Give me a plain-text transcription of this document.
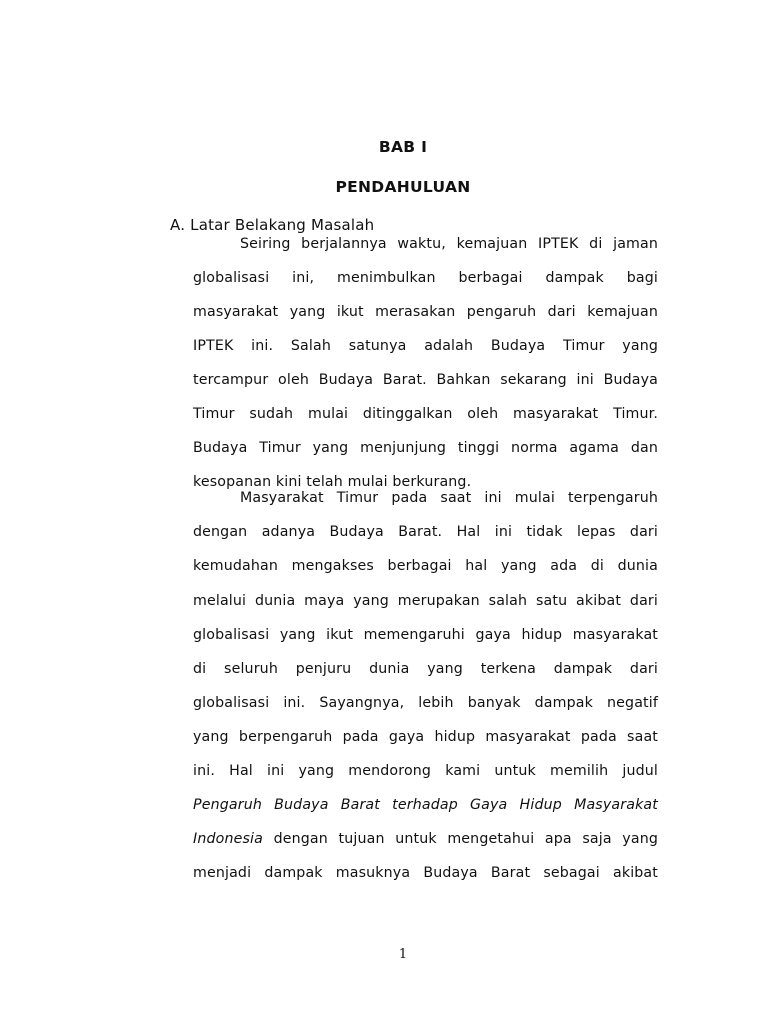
BAB I
PENDAHULUAN
A. Latar Belakang Masalah
Seiring berjalannya waktu, kemajuan IPTEK di jaman
globalisasi ini, menimbulkan berbagai dampak bagi
masyarakat yang ikut merasakan pengaruh dari kemajuan
IPTEK ini. Salah satunya adalah Budaya Timur yang
tercampur oleh Budaya Barat. Bahkan sekarang ini Budaya
Timur sudah mulai ditinggalkan oleh masyarakat Timur.
Budaya Timur yang menjunjung tinggi norma agama dan
kesopanan kini telah mulai berkurang.
Masyarakat Timur pada saat ini mulai terpengaruh
dengan adanya Budaya Barat. Hal ini tidak lepas dari
kemudahan mengakses berbagai hal yang ada di dunia
melalui dunia maya yang merupakan salah satu akibat dari
globalisasi yang ikut memengaruhi gaya hidup masyarakat
di seluruh penjuru dunia yang terkena dampak dari
globalisasi ini. Sayangnya, lebih banyak dampak negatif
yang berpengaruh pada gaya hidup masyarakat pada saat
ini. Hal ini yang mendorong kami untuk memilih judul
Pengaruh Budaya Barat terhadap Gaya Hidup Masyarakat
Indonesia dengan tujuan untuk mengetahui apa saja yang
menjadi dampak masuknya Budaya Barat sebagai akibat
1
